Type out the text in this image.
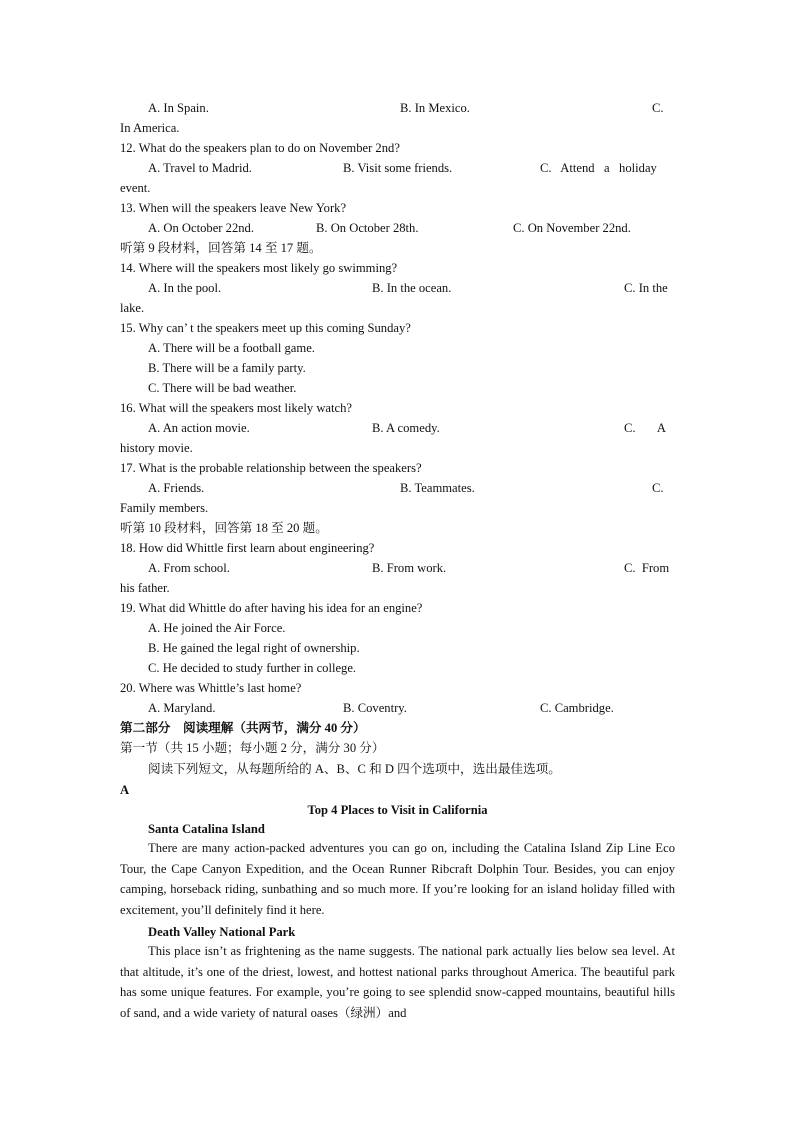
A. In Spain.	B. In Mexico.	C.
In America.
12. What do the speakers plan to do on November 2nd?
A. Travel to Madrid.	B. Visit some friends.	C.   Attend   a   holiday
event.
13. When will the speakers leave New York?
A. On October 22nd.	B. On October 28th.	C. On November 22nd.
听第 9 段材料，回答第 14 至 17 题。
14. Where will the speakers most likely go swimming?
A. In the pool.	B. In the ocean.	C. In the
lake.
15. Why can’ t the speakers meet up this coming Sunday?
A. There will be a football game.
B. There will be a family party.
C. There will be bad weather.
16. What will the speakers most likely watch?
A. An action movie.	B. A comedy.	C.       A
history movie.
17. What is the probable relationship between the speakers?
A. Friends.	B. Teammates.	C.
Family members.
听第 10 段材料，回答第 18 至 20 题。
18. How did Whittle first learn about engineering?
A. From school.	B. From work.	C.  From
his father.
19. What did Whittle do after having his idea for an engine?
A. He joined the Air Force.
B. He gained the legal right of ownership.
C. He decided to study further in college.
20. Where was Whittle’s last home?
A. Maryland.	B. Coventry.	C. Cambridge.
第二部分    阅读理解（共两节，满分 40 分）
第一节（共 15 小题；每小题 2 分，满分 30 分）
阅读下列短文，从每题所给的 A、B、C 和 D 四个选项中，选出最佳选项。
A
Top 4 Places to Visit in California
Santa Catalina Island
There are many action-packed adventures you can go on, including the Catalina Island Zip Line Eco Tour, the Cape Canyon Expedition, and the Ocean Runner Ribcraft Dolphin Tour. Besides, you can enjoy camping, horseback riding, sunbathing and so much more. If you’re looking for an island holiday filled with excitement, you’ll definitely find it here.
Death Valley National Park
This place isn’t as frightening as the name suggests. The national park actually lies below sea level. At that altitude, it’s one of the driest, lowest, and hottest national parks throughout America. The beautiful park has some unique features. For example, you’re going to see splendid snow-capped mountains, beautiful hills of sand, and a wide variety of natural oases（绿洲）and
